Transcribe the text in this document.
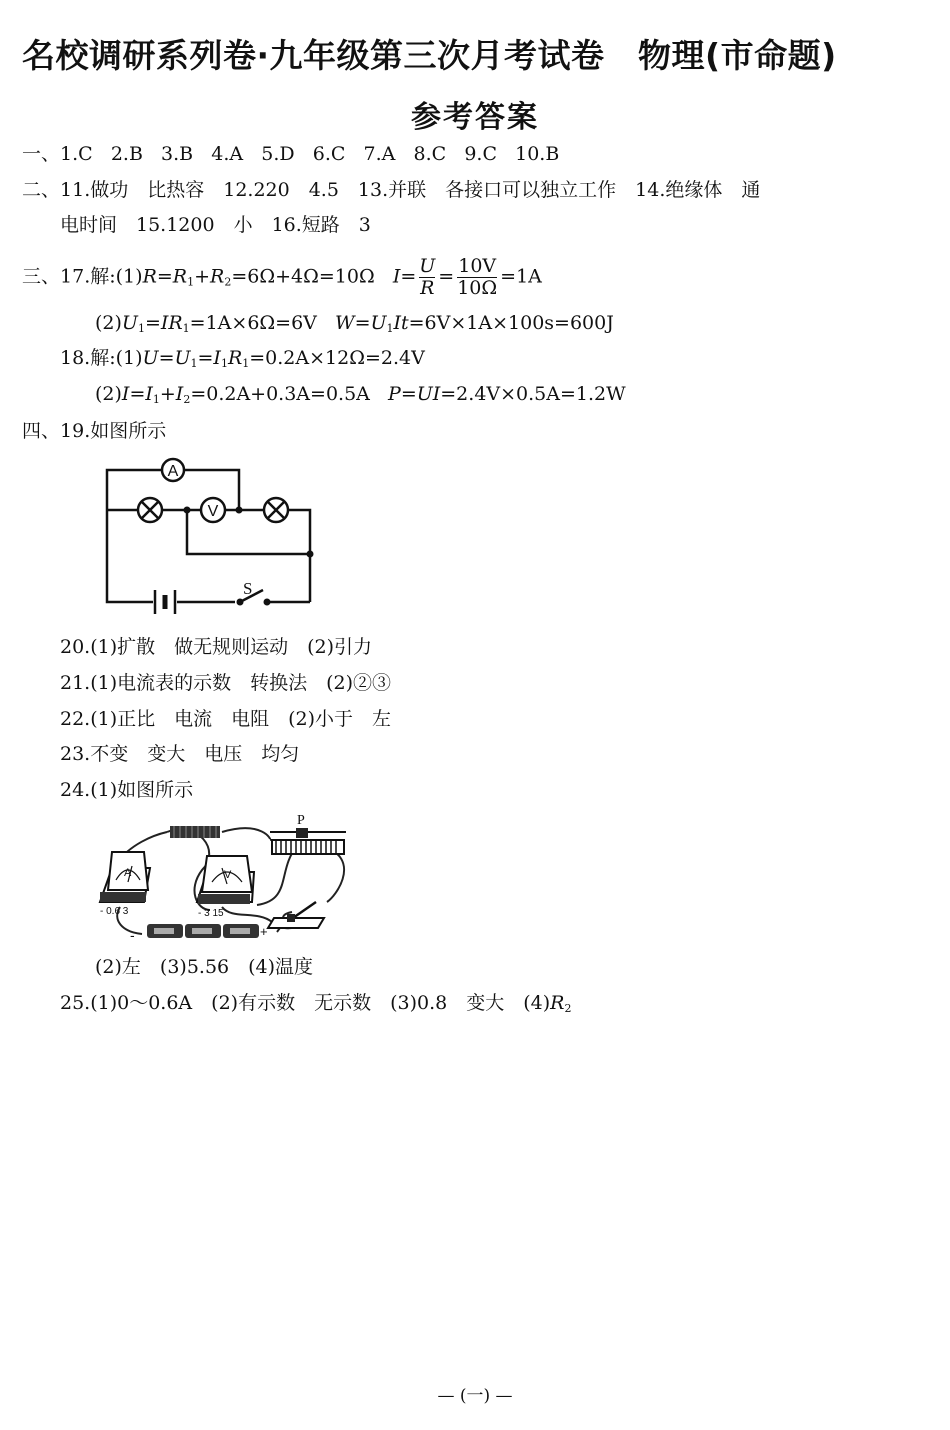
名校调研系列卷·九年级第三次月考试卷　 物理(市命题)
参考答案
一、1.C 2.B 3.B 4.A 5.D 6.C 7.A 8.C 9.C 10.B
二、11.做功　比热容　12.220　4.5　13.并联　各接口可以独立工作　14.绝缘体　通
电时间　15.1200　小　16.短路　3
三、17.解$:(1)R=R_1+R_2=6\Omega+4\Omega=10\Omega$ $I= \frac{U}{R} = \frac{10V}{10\Omega} =1A$
$(2)U_1=IR_1=1A\times 6\Omega=6V$ $W=U_1It=6V\times 1A\times 100s=600J$
18.解$:(1)U=U_1=I_1R_1=0.2A\times 12\Omega=2.4V$
$(2)I=I_1+I_2=0.2A+0.3A=0.5A$ P=UI=2.4V×0.5A=1.2W
四、19.如图所示
A
V
S
20.(1)扩散　做无规则运动　(2)引力
21.(1)电流表的示数　转换法　(2)②③
22.(1)正比　电流　电阻　(2)小于　左
23.不变　变大　电压　均匀
24.(1)如图所示
P
A
- 0.6 3
V
- 3 15
-	+
(2)左　(3)5.56　(4)温度
25.(1)0～0.6A　(2)有示数　无示数　(3)0.8　变大　$(4)R_2$
— (一) —
